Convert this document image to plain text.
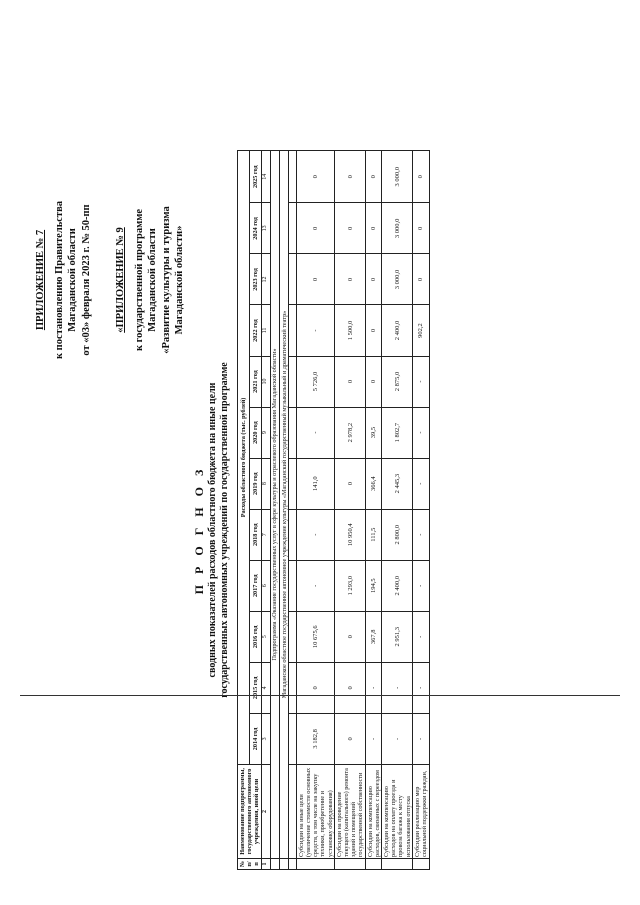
ПРИЛОЖЕНИЕ № 7 к постановлению Правительства Магаданской области от «03» февраля 2023 г. № 50-пп «ПРИЛОЖЕНИЕ № 9 к государственной программе Магаданской области «Развитие культуры и туризма Магаданской области»
П Р О Г Н О З сводных показателей расходов областного бюджета на иные цели государственных автономных учреждений по государственной программе
№ п/п	Наименование подпрограммы, государственного автономного учреждения, иной цели	Расходы областного бюджета (тыс. рублей)											
		2014 год	2015 год	2016 год	2017 год	2018 год	2019 год	2020 год	2021 год	2022 год	2023 год	2024 год	2025 год
1	2	3	4	5	6	7	8	9	10	11	12	13	14
	Подпрограмма «Оказание государственных услуг в сфере культуры и отраслевого образования Магаданской области»												
	Магаданское областное государственное автономное учреждение культуры «Магаданский государственный музыкальный и драматический театр»												

	Субсидии на иные цели (увеличение стоимости основных средств, в том числе на закупку техники, приобретение и установку оборудования)	3 182,8	0	10 675,6	-	-	141,0	-	5 726,0	-	0	0	0
	Субсидии на проведение текущего (капитального) ремонта зданий и помещений государственной собственности	0	0	0	1 293,0	10 950,4	0	2 978,2	0	1 500,0	0	0	0
	Субсидии на компенсацию расходов, связанных с переездом	-	-	367,8	194,5	111,5	366,4	39,5	0	0	0	0	0
	Субсидии на компенсацию расходов на оплату проезда и провоза багажа к месту использования отпуска	-	-	2 951,3	2 400,0	2 800,0	2 445,3	1 802,7	2 875,0	2 400,0	3 000,0	3 000,0	3 000,0
	Субсидии реализацию мер социальной поддержки граждан,	-	-	-	-	-	-	-	-	902,2	0	0	0
